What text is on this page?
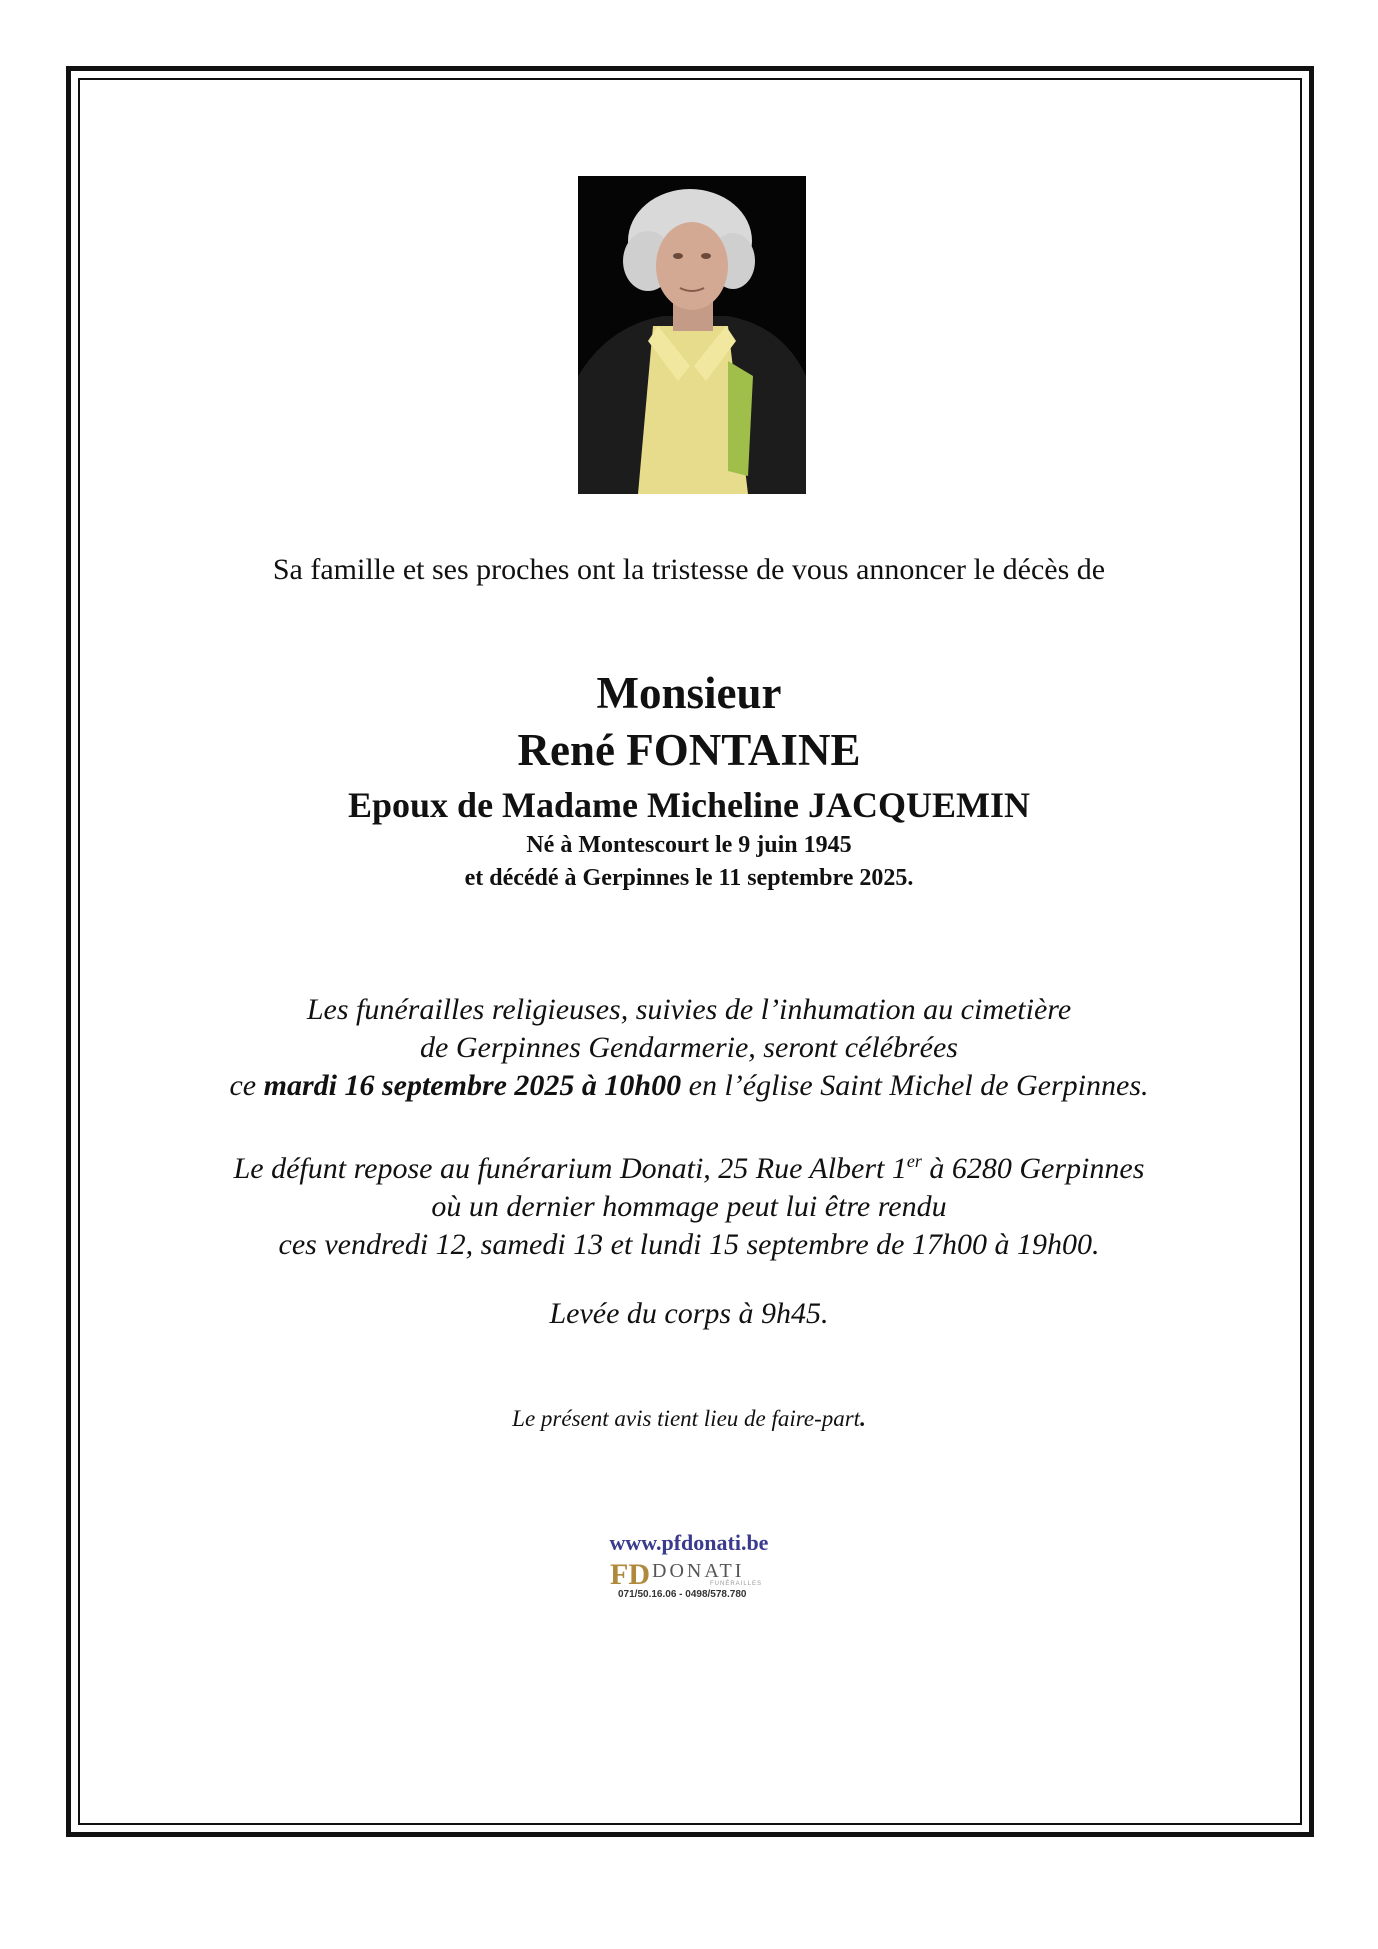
Sa famille et ses proches ont la tristesse de vous annoncer le décès de
Monsieur
René FONTAINE
Epoux de Madame Micheline JACQUEMIN
Né à Montescourt le 9 juin 1945
et décédé à Gerpinnes le 11 septembre 2025.
Les funérailles religieuses, suivies de l’inhumation au cimetière
de Gerpinnes Gendarmerie, seront célébrées
ce mardi 16 septembre 2025 à 10h00 en l’église Saint Michel de Gerpinnes.
Le défunt repose au funérarium Donati, 25 Rue Albert 1er à 6280 Gerpinnes
où un dernier hommage peut lui être rendu
ces vendredi 12, samedi 13 et lundi 15 septembre de 17h00 à 19h00.
Levée du corps à 9h45.
Le présent avis tient lieu de faire-part.
www.pfdonati.be
FD DONATI
FUNÉRAILLES
071/50.16.06 - 0498/578.780
